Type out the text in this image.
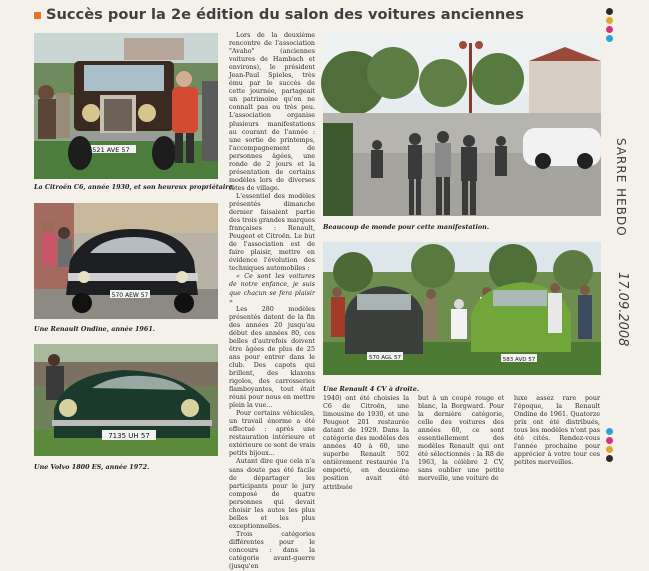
Succès pour la 2e édition du salon des voitures anciennes
521 AVE 57
La Citroën C6, année 1930, et son heureux propriétaire.
570 AEW 57
Une Renault Ondine, année 1961.
7135 UH 57
Une Volvo 1800 ES, année 1972.

Lors de la deuxième rencontre de l'association "Avaho" (anciennes voitures de Hambach et environs), le président Jean-Paul Spieles, très ému par le succès de cette journée, partageait un patrimoine qu'on ne connaît pas ou très peu. L'association organise plusieurs manifestations au courant de l'année : une sortie de printemps, l'accompagnement de personnes âgées, une ronde de 2 jours et la présentation de certains modèles lors de diverses fêtes de village.

L'essentiel des modèles présentés dimanche dernier faisaient partie des trois grandes marques françaises : Renault, Peugeot et Citroën. Le but de l'association est de faire plaisir, mettre en évidence l'évolution des techniques automobiles :

« Ce sont les voitures de notre enfance, je suis que chacun se fera plaisir »

Les 280 modèles présentés datent de la fin des années 20 jusqu'au début des années 80, ces belles d'autrefois doivent être âgées de plus de 25 ans pour entrer dans le club. Des capots qui brillent, des klaxons rigolos, des carrosseries flamboyantes, tout était réuni pour nous en mettre plein la vue...

Pour certains véhicules, un travail énorme a été effectué : après une restauration intérieure et extérieure ce sont de vrais petits bijoux...

Autant dire que cela n'a sans doute pas été facile de départager les participants pour le jury composé de quatre personnes qui devait choisir les autos les plus belles et les plus exceptionnelles.

Trois catégories différentes pour le concours : dans la catégorie avant-guerre (jusqu'en

Beaucoup de monde pour cette manifestation.
570 AGL 57	583 AVD 57
Une Renault 4 CV à droite.
1940) ont été choisies la C6 de Citroën, une limousine de 1930, et une Peugeot 201 restaurée datant de 1929. Dans la catégorie des modèles des années 40 à 60, une superbe Renault 502 entièrement restaurée l'a emporté, en deuxième position avait été attribuée
but à un coupé rouge et blanc, la Borgward. Pour la dernière catégorie, celle des voitures des années 60, ce sont essentiellement des modèles Renault qui ont été sélectionnés : la R8 de 1963, la célèbre 2 CV, sans oublier une petite merveille, une voiture de
luxe assez rare pour l'époque, la Renault Ondine de 1961. Quatorze prix ont été distribués, tous les modèles n'ont pas été cités. Rendez-vous l'année prochaine pour apprécier à votre tour ces petites merveilles.
SARRE HEBDO
17.09.2008
